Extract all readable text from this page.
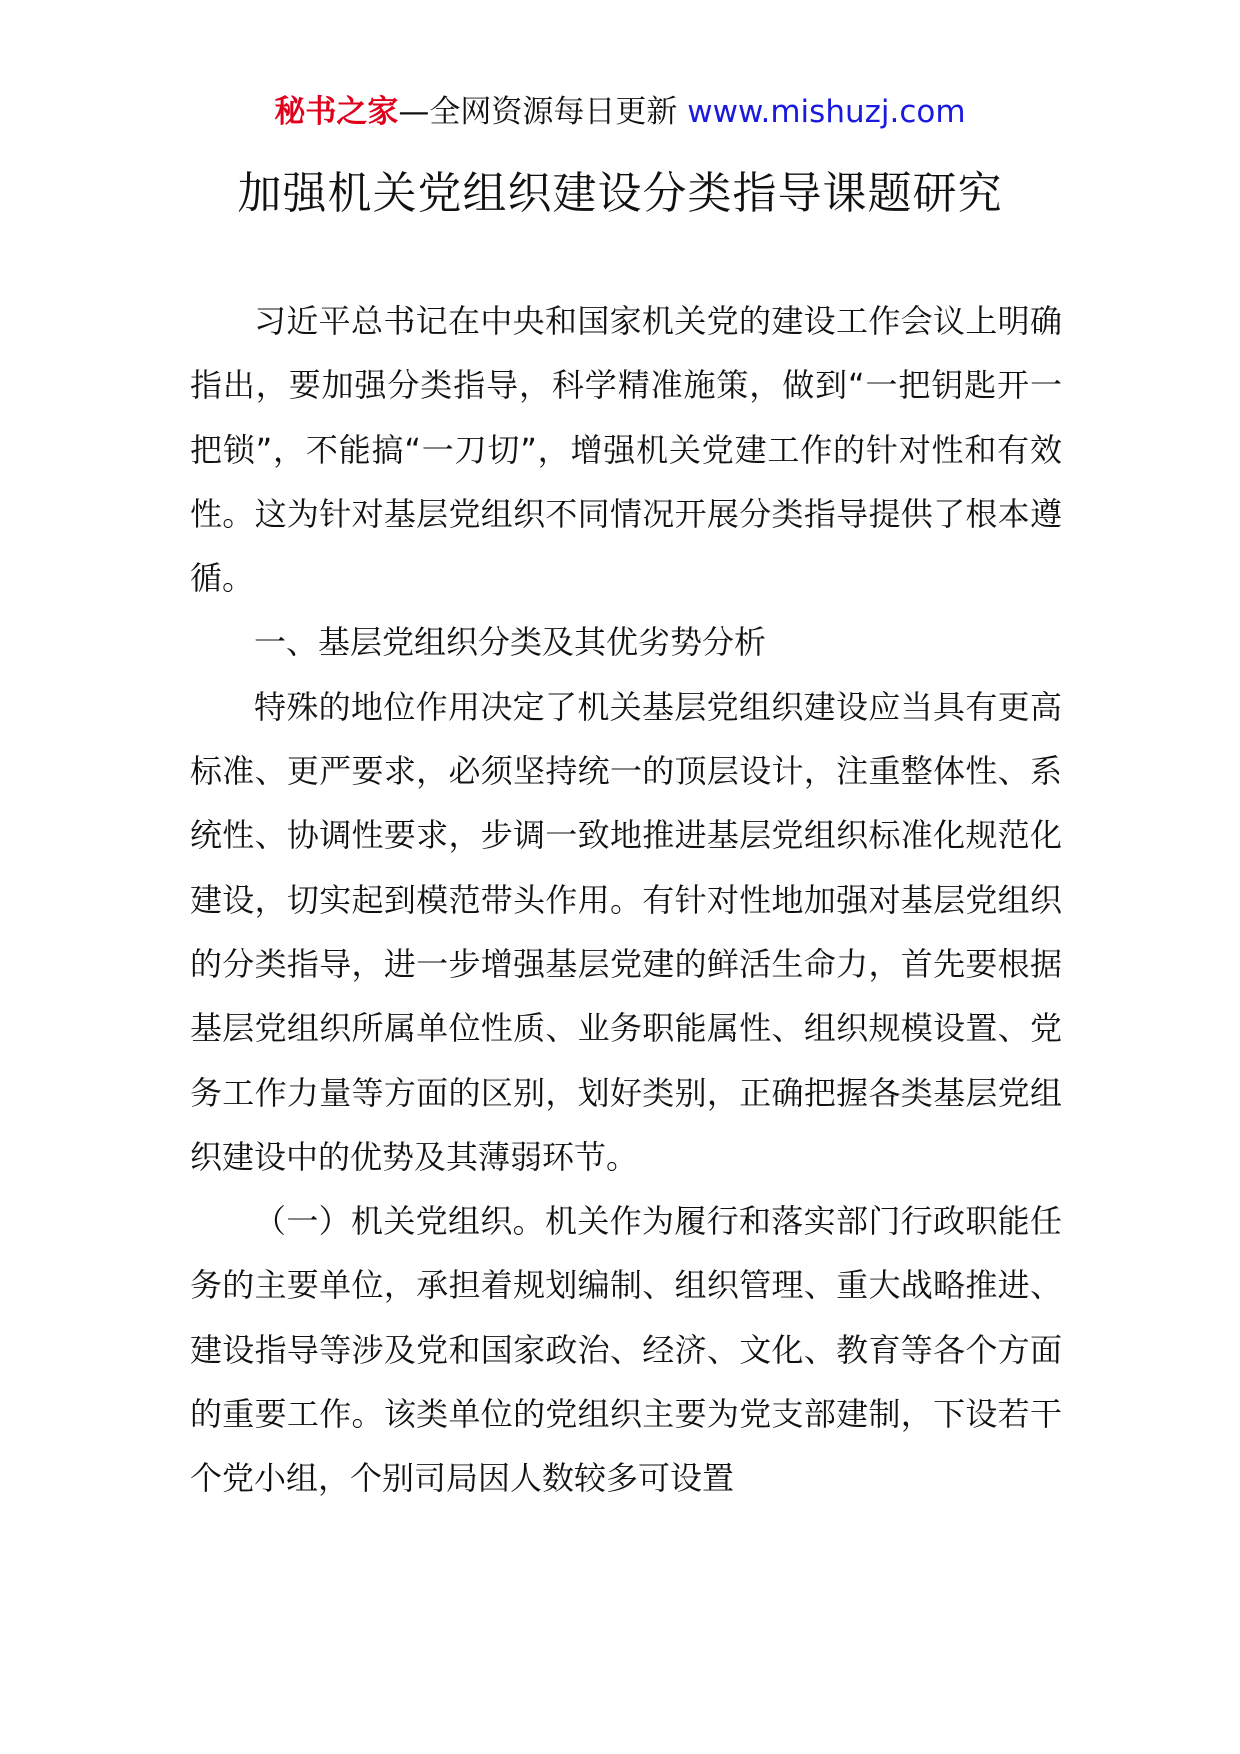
秘书之家—全网资源每日更新 www.mishuzj.com
加强机关党组织建设分类指导课题研究

习近平总书记在中央和国家机关党的建设工作会议上明确指出，要加强分类指导，科学精准施策，做到“一把钥匙开一把锁”，不能搞“一刀切”，增强机关党建工作的针对性和有效性。这为针对基层党组织不同情况开展分类指导提供了根本遵循。

一、基层党组织分类及其优劣势分析

特殊的地位作用决定了机关基层党组织建设应当具有更高标准、更严要求，必须坚持统一的顶层设计，注重整体性、系统性、协调性要求，步调一致地推进基层党组织标准化规范化建设，切实起到模范带头作用。有针对性地加强对基层党组织的分类指导，进一步增强基层党建的鲜活生命力，首先要根据基层党组织所属单位性质、业务职能属性、组织规模设置、党务工作力量等方面的区别，划好类别，正确把握各类基层党组织建设中的优势及其薄弱环节。

（一）机关党组织。机关作为履行和落实部门行政职能任务的主要单位，承担着规划编制、组织管理、重大战略推进、建设指导等涉及党和国家政治、经济、文化、教育等各个方面的重要工作。该类单位的党组织主要为党支部建制，下设若干个党小组，个别司局因人数较多可设置
